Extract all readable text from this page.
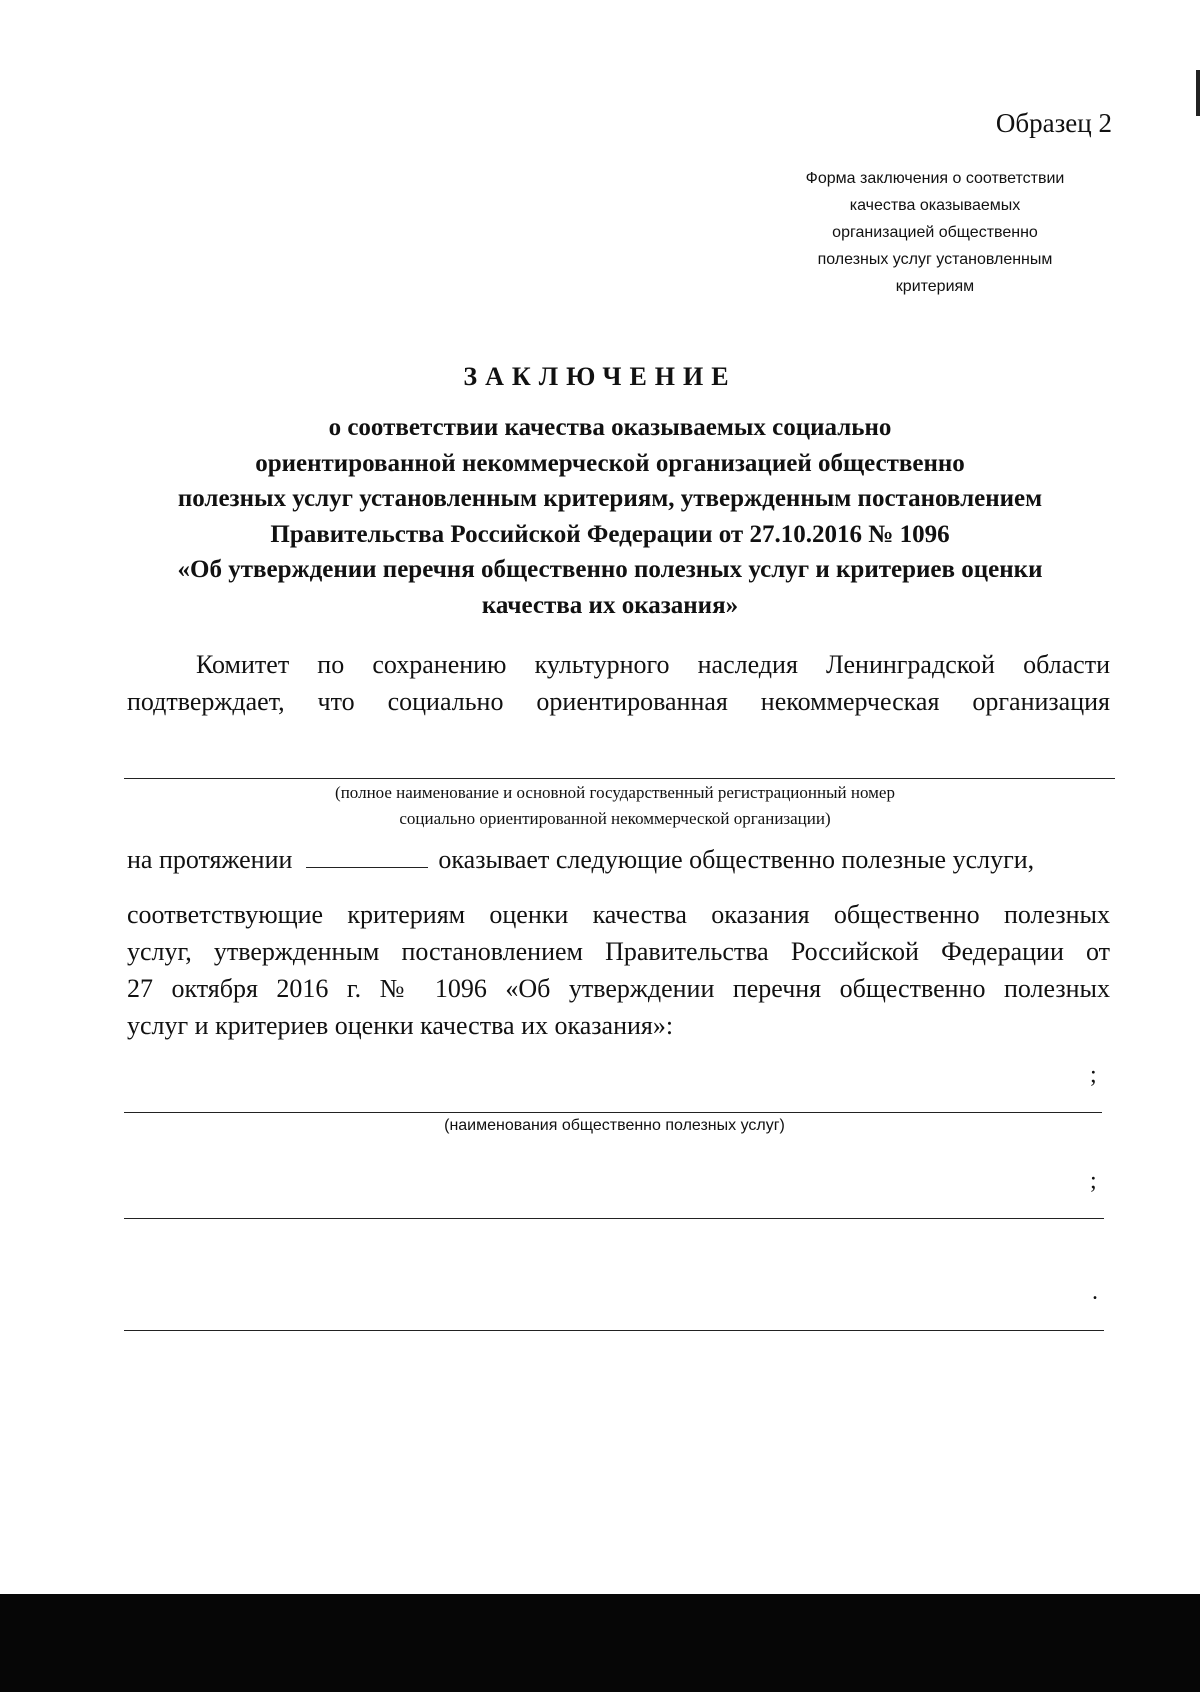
Образец 2
Форма заключения о соответствии
качества оказываемых
организацией общественно
полезных услуг установленным
критериям
ЗАКЛЮЧЕНИЕ
о соответствии качества оказываемых социально
ориентированной некоммерческой организацией общественно
полезных услуг установленным критериям, утвержденным постановлением
Правительства Российской Федерации от 27.10.2016 № 1096
«Об утверждении перечня общественно полезных услуг и критериев оценки
качества их оказания»
Комитет по сохранению культурного наследия Ленинградской области
подтверждает, что социально ориентированная некоммерческая организация
(полное наименование и основной государственный регистрационный номер
социально ориентированной некоммерческой организации)
на протяжении	оказывает следующие общественно полезные услуги,
соответствующие критериям оценки качества оказания общественно полезных
услуг, утвержденным постановлением Правительства Российской Федерации от
27 октября 2016 г. № 1096 «Об утверждении перечня общественно полезных
услуг и критериев оценки качества их оказания»:
;
(наименования общественно полезных услуг)
;
.
